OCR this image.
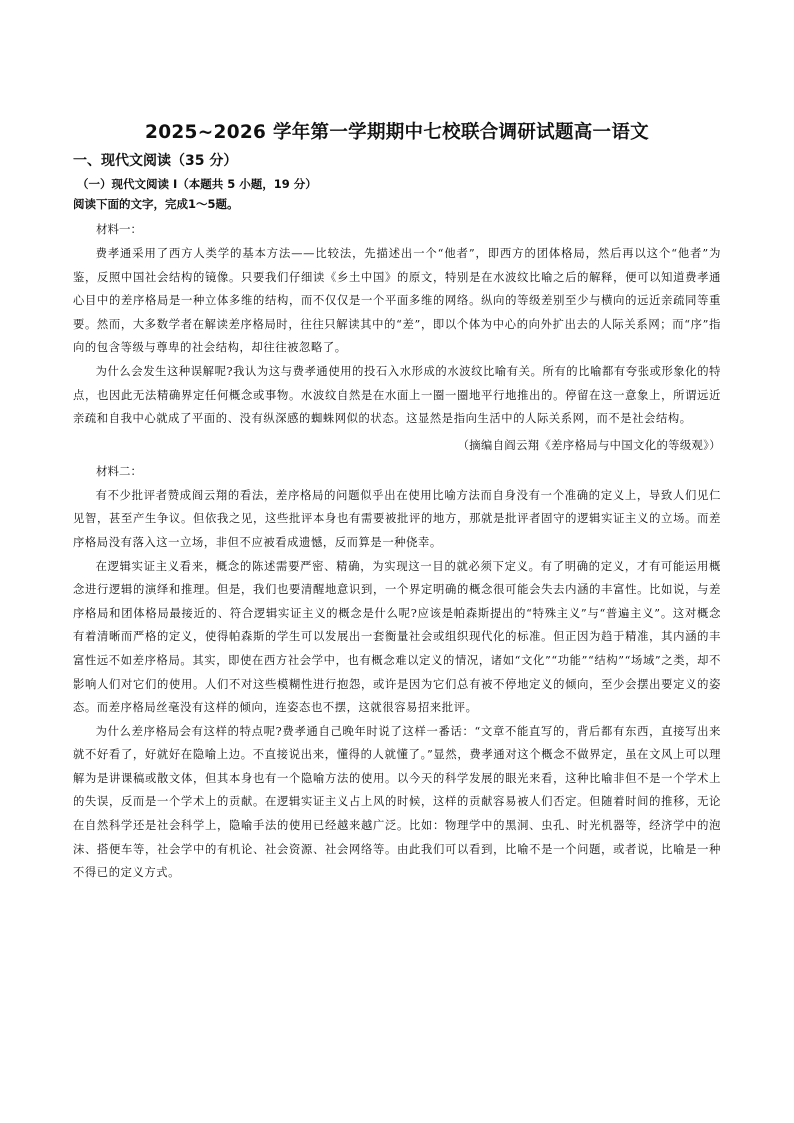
2025~2026 学年第一学期期中七校联合调研试题高一语文
一、现代文阅读（35 分）
（一）现代文阅读 I（本题共 5 小题，19 分）
阅读下面的文字，完成1～5题。

材料一：

费孝通采用了西方人类学的基本方法——比较法，先描述出一个“他者”，即西方的团体格局，然后再以这个“他者”为鉴，反照中国社会结构的镜像。只要我们仔细读《乡土中国》的原文，特别是在水波纹比喻之后的解释，便可以知道费孝通心目中的差序格局是一种立体多维的结构，而不仅仅是一个平面多维的网络。纵向的等级差别至少与横向的远近亲疏同等重要。然而，大多数学者在解读差序格局时，往往只解读其中的“差”，即以个体为中心的向外扩出去的人际关系网；而“序”指向的包含等级与尊卑的社会结构，却往往被忽略了。

为什么会发生这种误解呢?我认为这与费孝通使用的投石入水形成的水波纹比喻有关。所有的比喻都有夸张或形象化的特点，也因此无法精确界定任何概念或事物。水波纹自然是在水面上一圈一圈地平行地推出的。停留在这一意象上，所谓远近亲疏和自我中心就成了平面的、没有纵深感的蜘蛛网似的状态。这显然是指向生活中的人际关系网，而不是社会结构。

（摘编自阎云翔《差序格局与中国文化的等级观》）

材料二：

有不少批评者赞成阎云翔的看法，差序格局的问题似乎出在使用比喻方法而自身没有一个准确的定义上，导致人们见仁见智，甚至产生争议。但依我之见，这些批评本身也有需要被批评的地方，那就是批评者固守的逻辑实证主义的立场。而差序格局没有落入这一立场，非但不应被看成遗憾，反而算是一种侥幸。

在逻辑实证主义看来，概念的陈述需要严密、精确，为实现这一目的就必须下定义。有了明确的定义，才有可能运用概念进行逻辑的演绎和推理。但是，我们也要清醒地意识到，一个界定明确的概念很可能会失去内涵的丰富性。比如说，与差序格局和团体格局最接近的、符合逻辑实证主义的概念是什么呢?应该是帕森斯提出的“特殊主义”与“普遍主义”。这对概念有着清晰而严格的定义，使得帕森斯的学生可以发展出一套衡量社会或组织现代化的标准。但正因为趋于精准，其内涵的丰富性远不如差序格局。其实，即使在西方社会学中，也有概念难以定义的情况，诸如“文化”“功能”“结构”“场域”之类，却不影响人们对它们的使用。人们不对这些模糊性进行抱怨，或许是因为它们总有被不停地定义的倾向，至少会摆出要定义的姿态。而差序格局丝毫没有这样的倾向，连姿态也不摆，这就很容易招来批评。

为什么差序格局会有这样的特点呢?费孝通自己晚年时说了这样一番话：“文章不能直写的，背后都有东西，直接写出来就不好看了，好就好在隐喻上边。不直接说出来，懂得的人就懂了。”显然，费孝通对这个概念不做界定，虽在文风上可以理解为是讲课稿或散文体，但其本身也有一个隐喻方法的使用。以今天的科学发展的眼光来看，这种比喻非但不是一个学术上的失误，反而是一个学术上的贡献。在逻辑实证主义占上风的时候，这样的贡献容易被人们否定。但随着时间的推移，无论在自然科学还是社会科学上，隐喻手法的使用已经越来越广泛。比如：物理学中的黑洞、虫孔、时光机器等，经济学中的泡沫、搭便车等，社会学中的有机论、社会资源、社会网络等。由此我们可以看到，比喻不是一个问题，或者说，比喻是一种不得已的定义方式。
